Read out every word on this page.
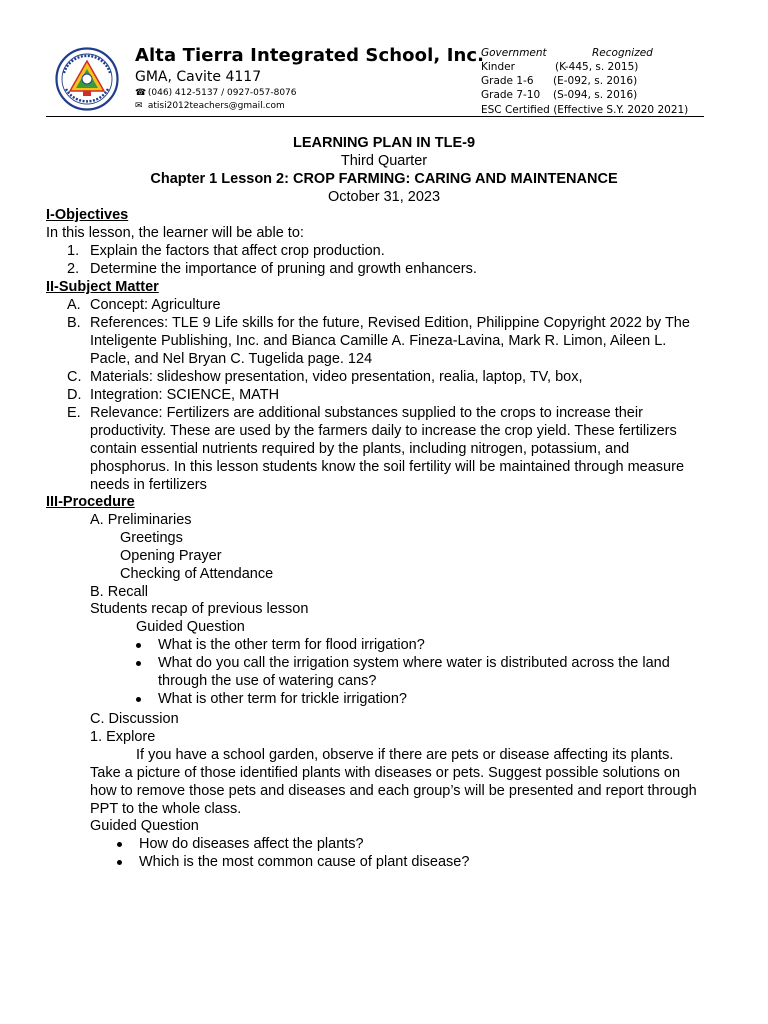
Alta Tierra Integrated School, Inc.
GMA, Cavite 4117
☎ (046) 412-5137 / 0927-057-8076
✉ atisi2012teachers@gmail.com
Government	Recognized
Kinder	(K-445, s. 2015)
Grade 1-6	(E-092, s. 2016)
Grade 7-10	(S-094, s. 2016)
ESC Certified (Effective S.Y. 2020 2021)
LEARNING PLAN IN TLE-9
Third Quarter
Chapter 1 Lesson 2: CROP FARMING: CARING AND MAINTENANCE
October 31, 2023
I-Objectives
In this lesson, the learner will be able to:
1. Explain the factors that affect crop production.
2. Determine the importance of pruning and growth enhancers.
II-Subject Matter
A. Concept: Agriculture
B. References: TLE 9 Life skills for the future, Revised Edition, Philippine Copyright 2022 by The
Inteligente Publishing, Inc. and Bianca Camille A. Fineza-Lavina, Mark R. Limon, Aileen L.
Pacle, and Nel Bryan C. Tugelida page. 124
C. Materials: slideshow presentation, video presentation, realia, laptop, TV, box,
D. Integration: SCIENCE, MATH
E. Relevance: Fertilizers are additional substances supplied to the crops to increase their
productivity. These are used by the farmers daily to increase the crop yield. These fertilizers
contain essential nutrients required by the plants, including nitrogen, potassium, and
phosphorus. In this lesson students know the soil fertility will be maintained through measure
needs in fertilizers
III-Procedure
A. Preliminaries
Greetings
Opening Prayer
Checking of Attendance
B. Recall
Students recap of previous lesson
Guided Question
What is the other term for flood irrigation?
What do you call the irrigation system where water is distributed across the land
through the use of watering cans?
What is other term for trickle irrigation?
C. Discussion
1. Explore
If you have a school garden, observe if there are pets or disease affecting its plants.
Take a picture of those identified plants with diseases or pets. Suggest possible solutions on
how to remove those pets and diseases and each group’s will be presented and report through
PPT to the whole class.
Guided Question
How do diseases affect the plants?
Which is the most common cause of plant disease?
